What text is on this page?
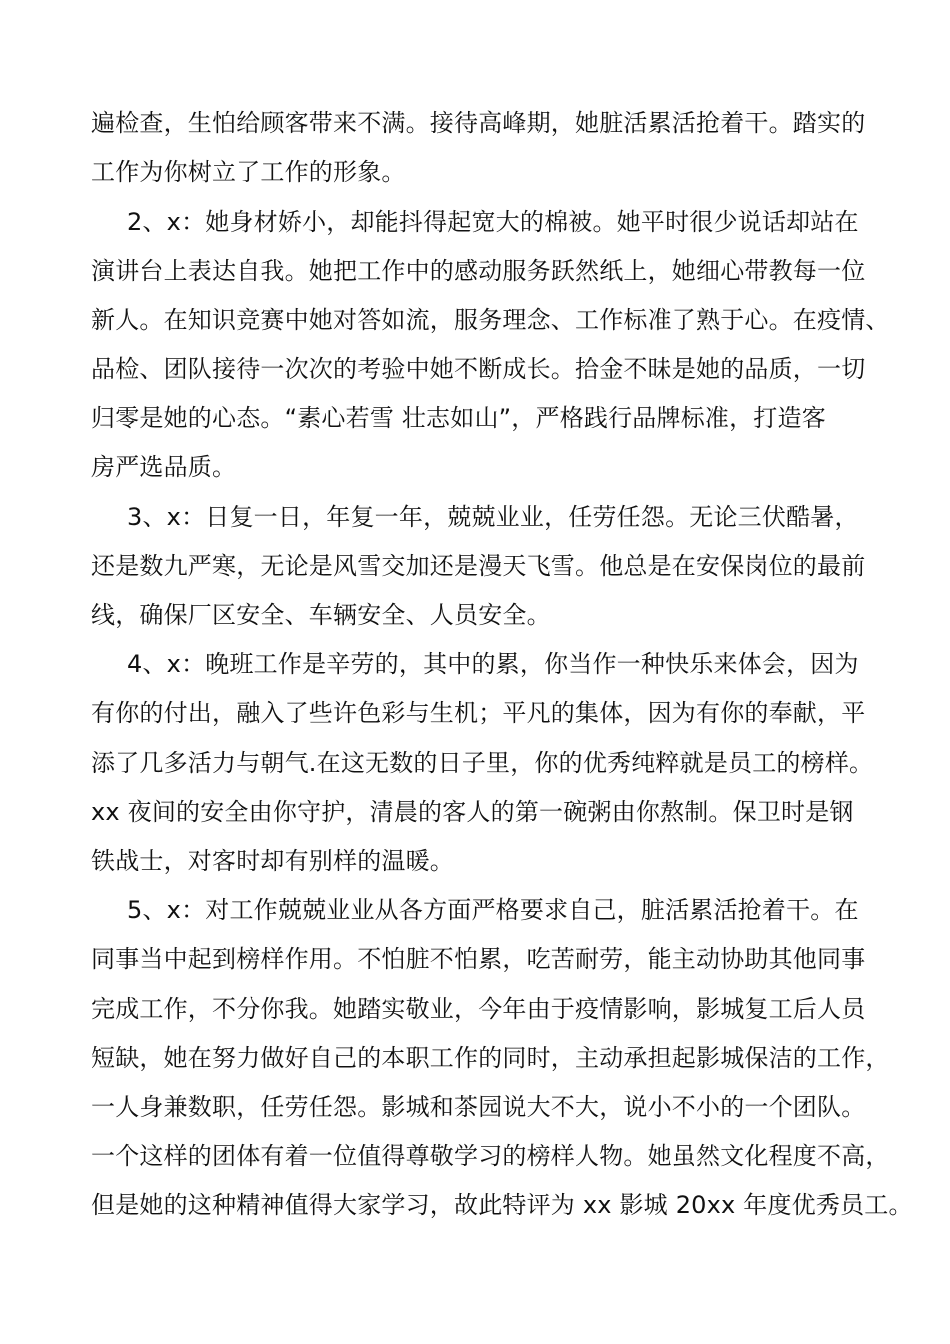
遍检查，生怕给顾客带来不满。接待高峰期，她脏活累活抢着干。踏实的
工作为你树立了工作的形象。
2、x：她身材娇小，却能抖得起宽大的棉被。她平时很少说话却站在
演讲台上表达自我。她把工作中的感动服务跃然纸上，她细心带教每一位
新人。在知识竞赛中她对答如流，服务理念、工作标准了熟于心。在疫情、
品检、团队接待一次次的考验中她不断成长。拾金不昧是她的品质，一切
归零是她的心态。“素心若雪 壮志如山”，严格践行品牌标准，打造客
房严选品质。
3、x：日复一日，年复一年，兢兢业业，任劳任怨。无论三伏酷暑，
还是数九严寒，无论是风雪交加还是漫天飞雪。他总是在安保岗位的最前
线，确保厂区安全、车辆安全、人员安全。
4、x：晚班工作是辛劳的，其中的累，你当作一种快乐来体会，因为
有你的付出，融入了些许色彩与生机；平凡的集体，因为有你的奉献，平
添了几多活力与朝气.在这无数的日子里，你的优秀纯粹就是员工的榜样。
xx 夜间的安全由你守护，清晨的客人的第一碗粥由你熬制。保卫时是钢
铁战士，对客时却有别样的温暖。
5、x：对工作兢兢业业从各方面严格要求自己，脏活累活抢着干。在
同事当中起到榜样作用。不怕脏不怕累，吃苦耐劳，能主动协助其他同事
完成工作，不分你我。她踏实敬业，今年由于疫情影响，影城复工后人员
短缺，她在努力做好自己的本职工作的同时，主动承担起影城保洁的工作，
一人身兼数职，任劳任怨。影城和茶园说大不大，说小不小的一个团队。
一个这样的团体有着一位值得尊敬学习的榜样人物。她虽然文化程度不高，
但是她的这种精神值得大家学习，故此特评为 xx 影城 20xx 年度优秀员工。
